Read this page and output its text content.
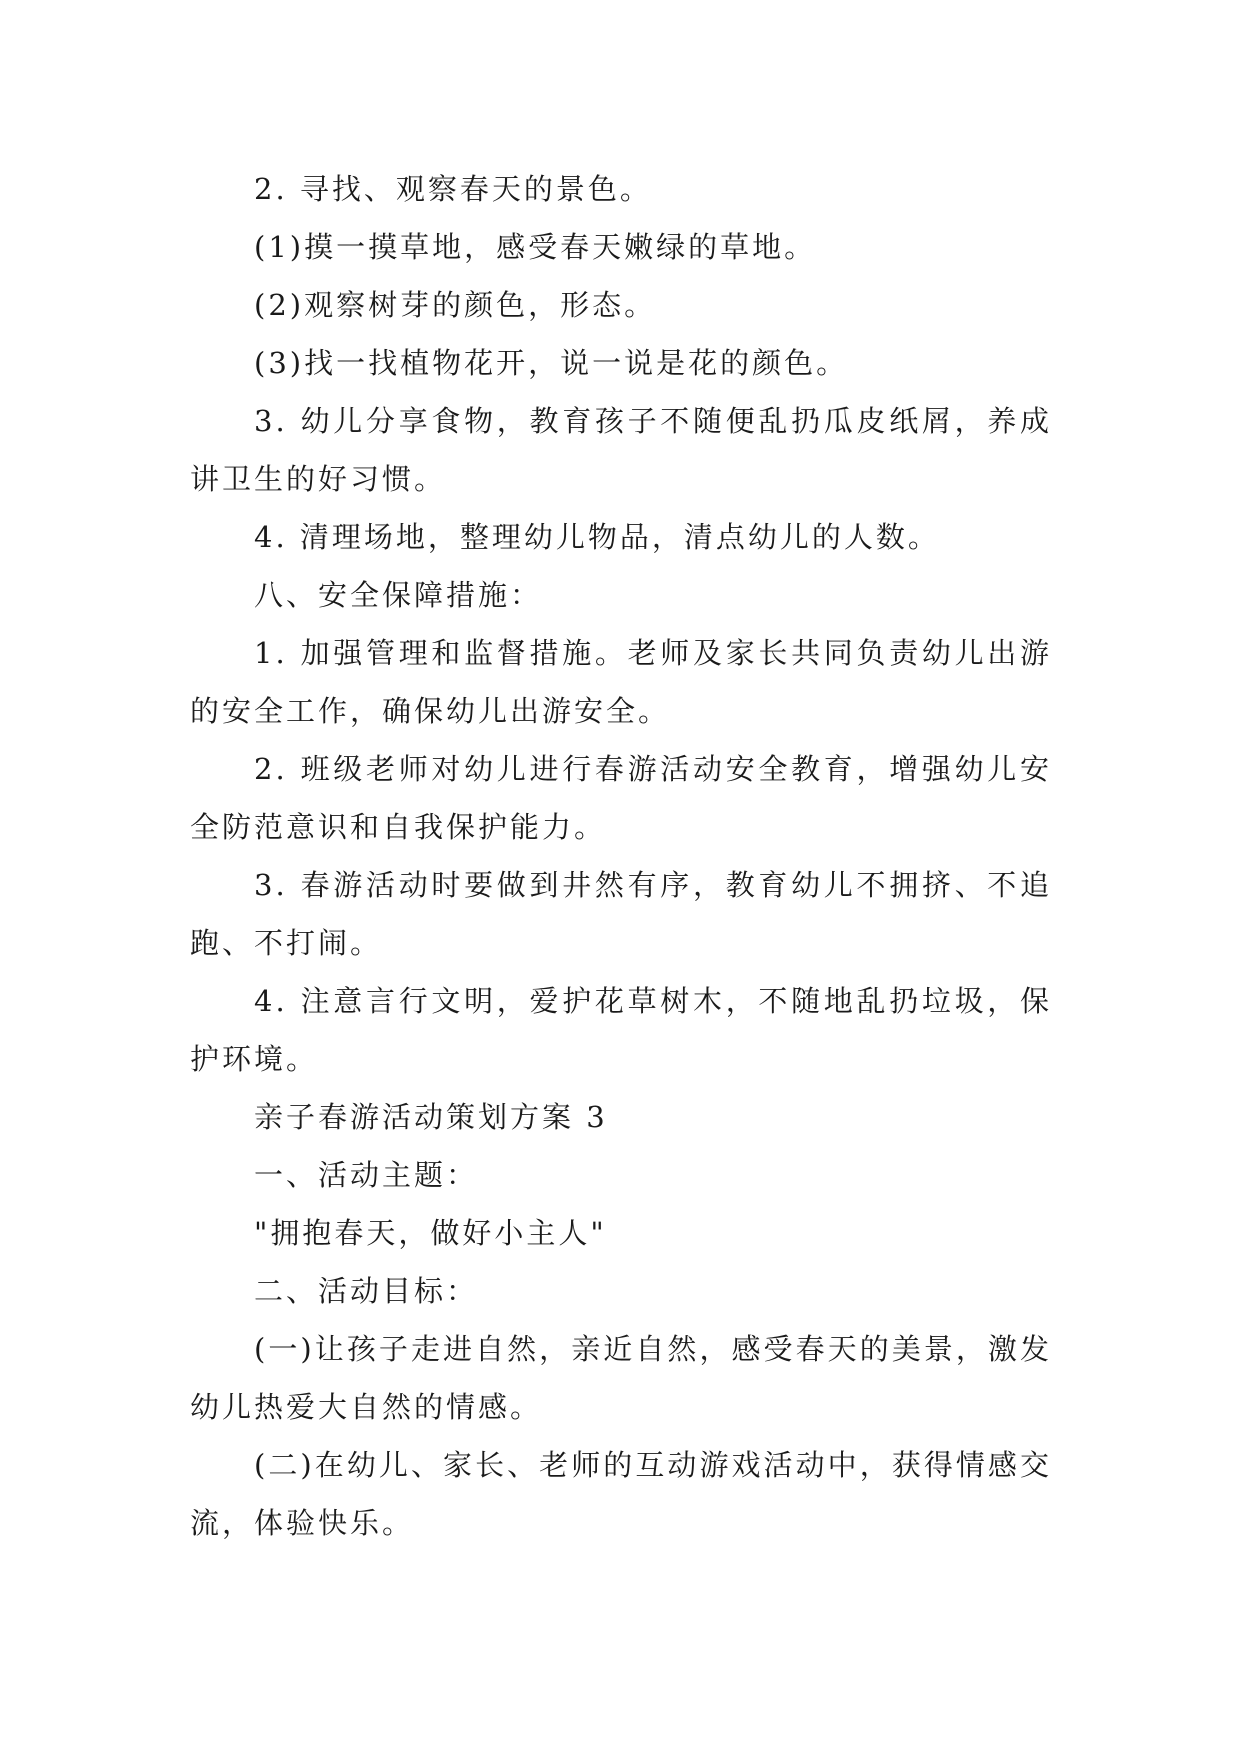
2. 寻找、观察春天的景色。

(1)摸一摸草地，感受春天嫩绿的草地。

(2)观察树芽的颜色，形态。

(3)找一找植物花开，说一说是花的颜色。

3. 幼儿分享食物，教育孩子不随便乱扔瓜皮纸屑，养成讲卫生的好习惯。

4. 清理场地，整理幼儿物品，清点幼儿的人数。

八、安全保障措施：

1. 加强管理和监督措施。老师及家长共同负责幼儿出游的安全工作，确保幼儿出游安全。

2. 班级老师对幼儿进行春游活动安全教育，增强幼儿安全防范意识和自我保护能力。

3. 春游活动时要做到井然有序，教育幼儿不拥挤、不追跑、不打闹。

4. 注意言行文明，爱护花草树木，不随地乱扔垃圾，保护环境。

亲子春游活动策划方案 3

一、活动主题：

"拥抱春天，做好小主人"

二、活动目标：

(一)让孩子走进自然，亲近自然，感受春天的美景，激发幼儿热爱大自然的情感。

(二)在幼儿、家长、老师的互动游戏活动中，获得情感交流，体验快乐。
